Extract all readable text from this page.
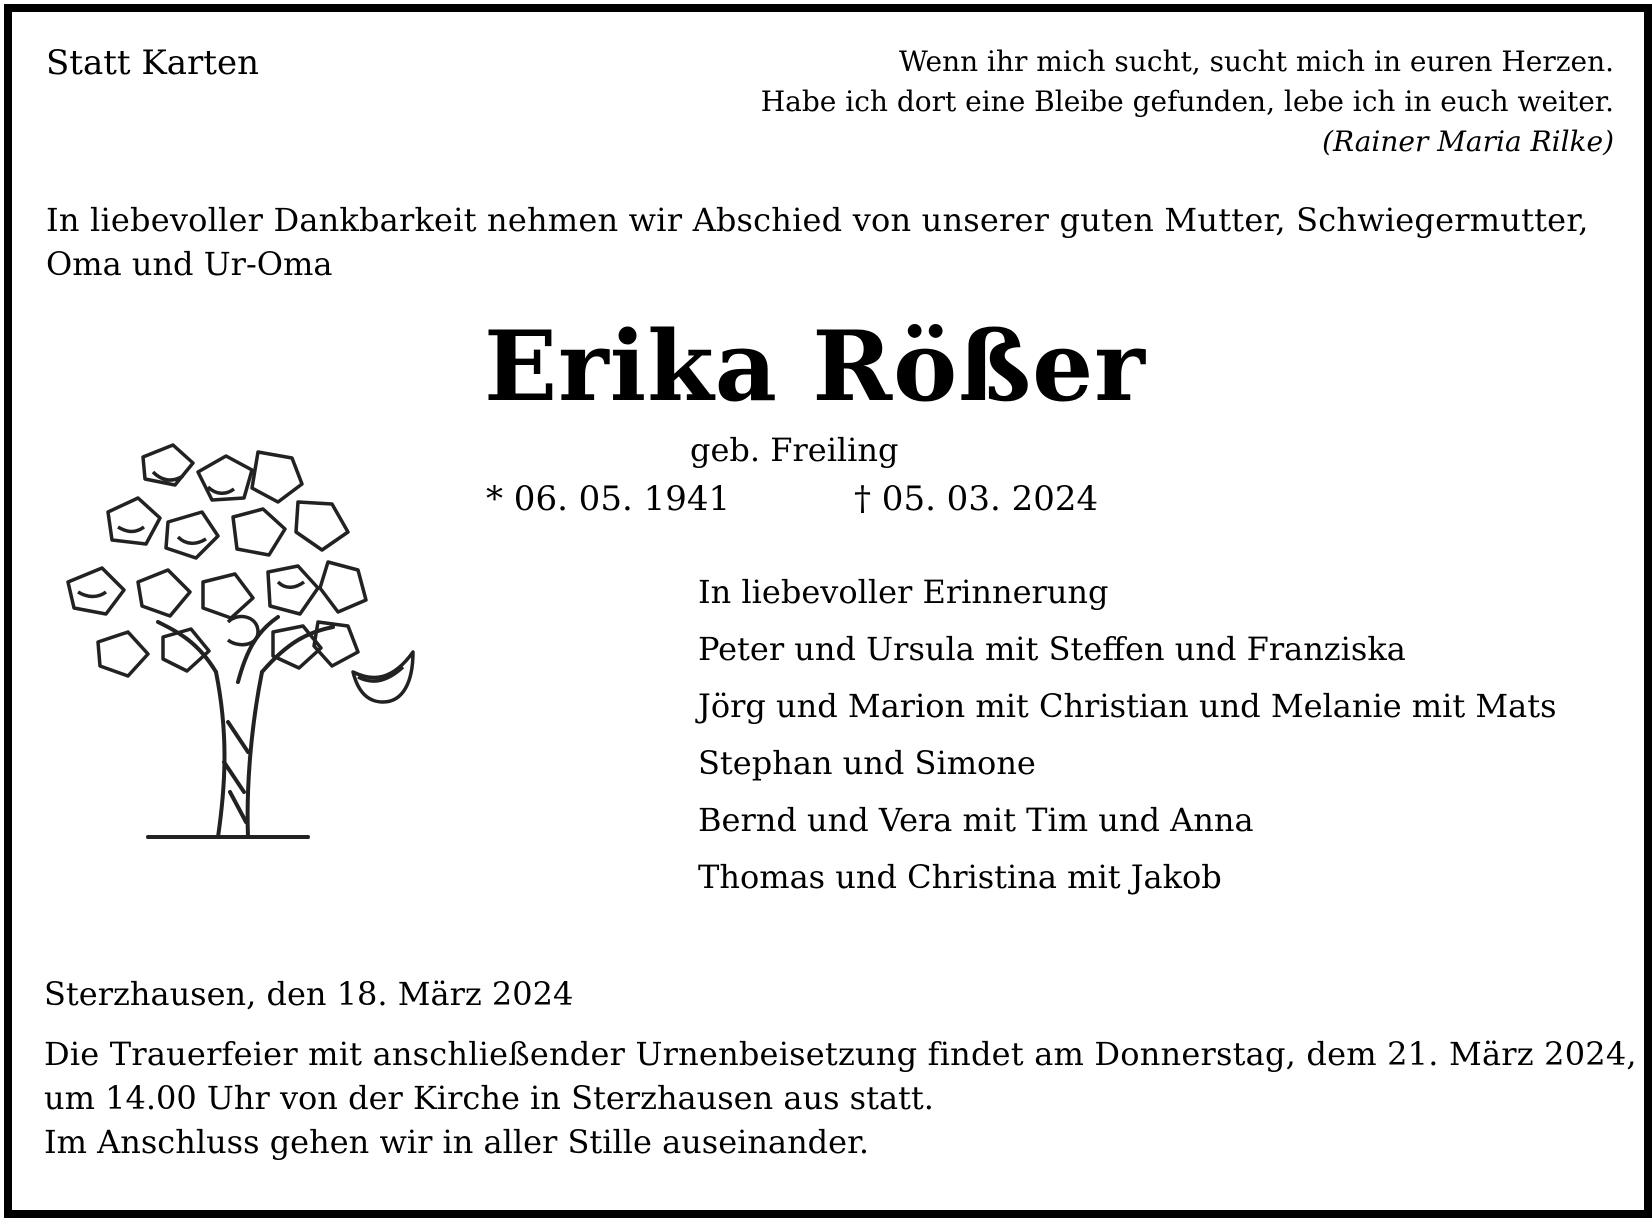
Statt Karten	Wenn ihr mich sucht, sucht mich in euren Herzen.
Habe ich dort eine Bleibe gefunden, lebe ich in euch weiter.
(Rainer Maria Rilke)
In liebevoller Dankbarkeit nehmen wir Abschied von unserer guten Mutter, Schwiegermutter,
Oma und Ur-Oma
Erika Rößer
geb. Freiling
* 06. 05. 1941	† 05. 03. 2024
In liebevoller Erinnerung
Peter und Ursula mit Steffen und Franziska
Jörg und Marion mit Christian und Melanie mit Mats
Stephan und Simone
Bernd und Vera mit Tim und Anna
Thomas und Christina mit Jakob
Sterzhausen, den 18. März 2024
Die Trauerfeier mit anschließender Urnenbeisetzung findet am Donnerstag, dem 21. März 2024,
um 14.00 Uhr von der Kirche in Sterzhausen aus statt.
Im Anschluss gehen wir in aller Stille auseinander.
